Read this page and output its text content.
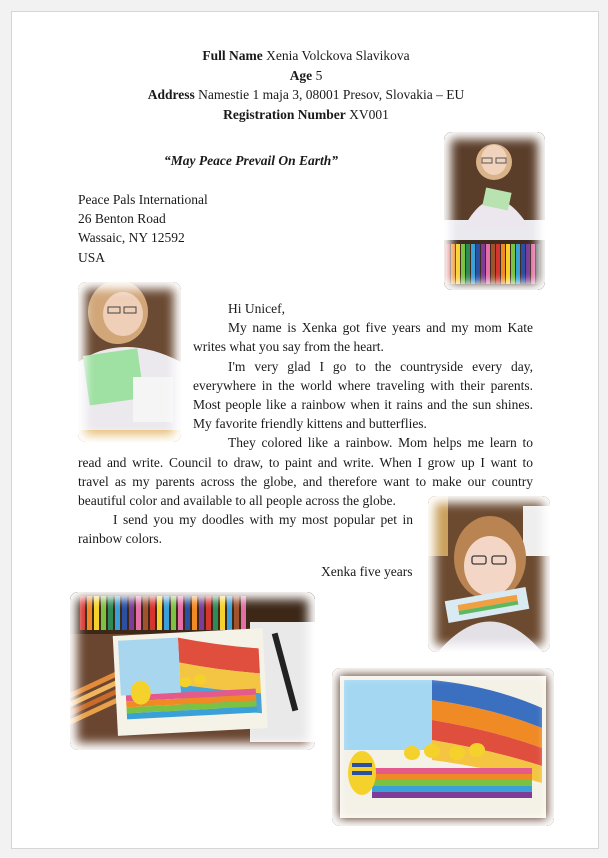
Full Name Xenia Volckova Slavikova
Age 5
Address Namestie 1 maja 3, 08001 Presov, Slovakia – EU
Registration Number XV001
“May Peace Prevail On Earth”
Peace Pals International
26 Benton Road
Wassaic, NY 12592
USA
Hi Unicef,
My name is Xenka got five years and my mom Kate
writes what you say from the heart.
I'm very glad I go to the countryside every day,
everywhere in the world where traveling with their parents.
Most people like a rainbow when it rains and the sun shines.
My favorite friendly kittens and butterflies.
They colored like a rainbow. Mom helps me learn to
read and write. Council to draw, to paint and write. When I grow up I want to
travel as my parents across the globe, and therefore want to make our country
beautiful color and available to all people across the globe.
I send you my doodles with my most popular pet in
rainbow colors.
Xenka five years
